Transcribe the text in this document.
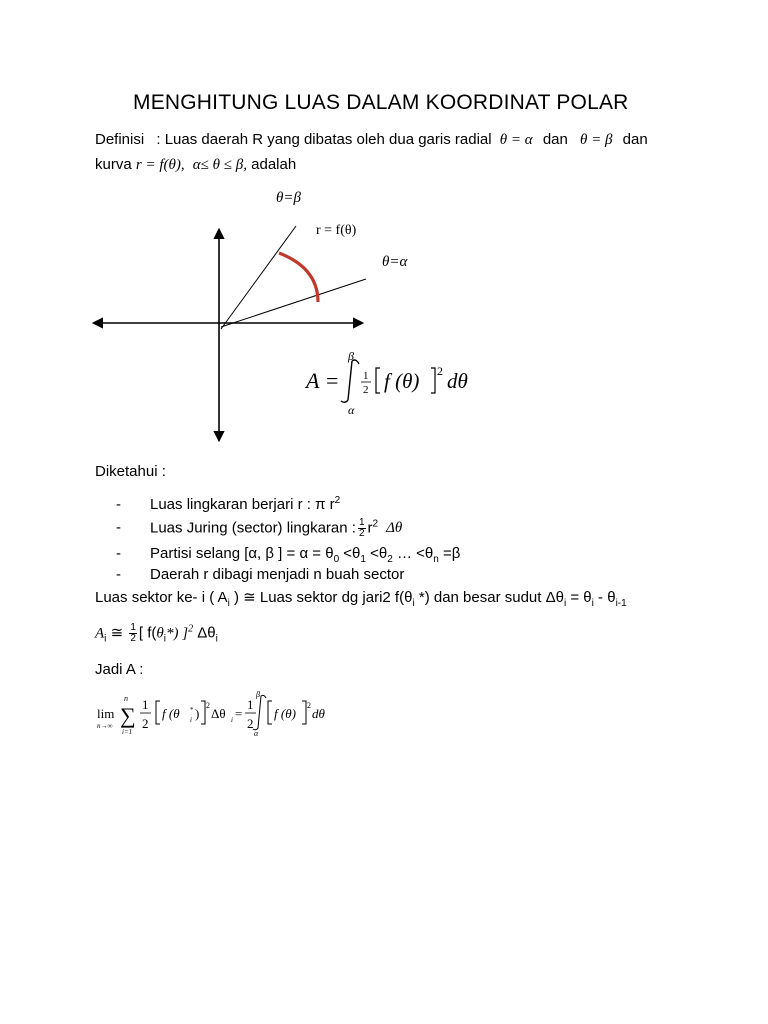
MENGHITUNG LUAS DALAM KOORDINAT POLAR
Definisi : Luas daerah R yang dibatas oleh dua garis radial θ = α dan θ = β dan
kurva r = f(θ), α≤ θ ≤ β, adalah
θ=β
r = f(θ)
θ=α
A =
β
α
1
2 f (θ) 2 dθ
Diketahui :
- Luas lingkaran berjari r : π $r^2$
- Luas Juring (sector) lingkaran : $\frac{1}{2} r^2$ Δθ
- Partisi selang [α, β ] = $\alpha = \theta_0 <\theta_1 <\theta_2$ … $<\theta_n =\beta$
- Daerah r dibagi menjadi n buah sector
Luas sektor ke- i ( $A_i$ ) ≅ Luas sektor dg jari2 $f(\theta_i$ *) dan besar sudut $\Delta\theta_i = \theta_i - \theta_{i-1}$
$A_i$ ≅ $\frac{1}{2}$ [ $f(\theta_i*)$ ]$^2$ $\Delta\theta_i$
Jadi A :
lim
n→∞
n
∑
i=1
1
2
f (θ *
i )
2
Δθ i =
1
2
β
α
f (θ)
2
dθ
